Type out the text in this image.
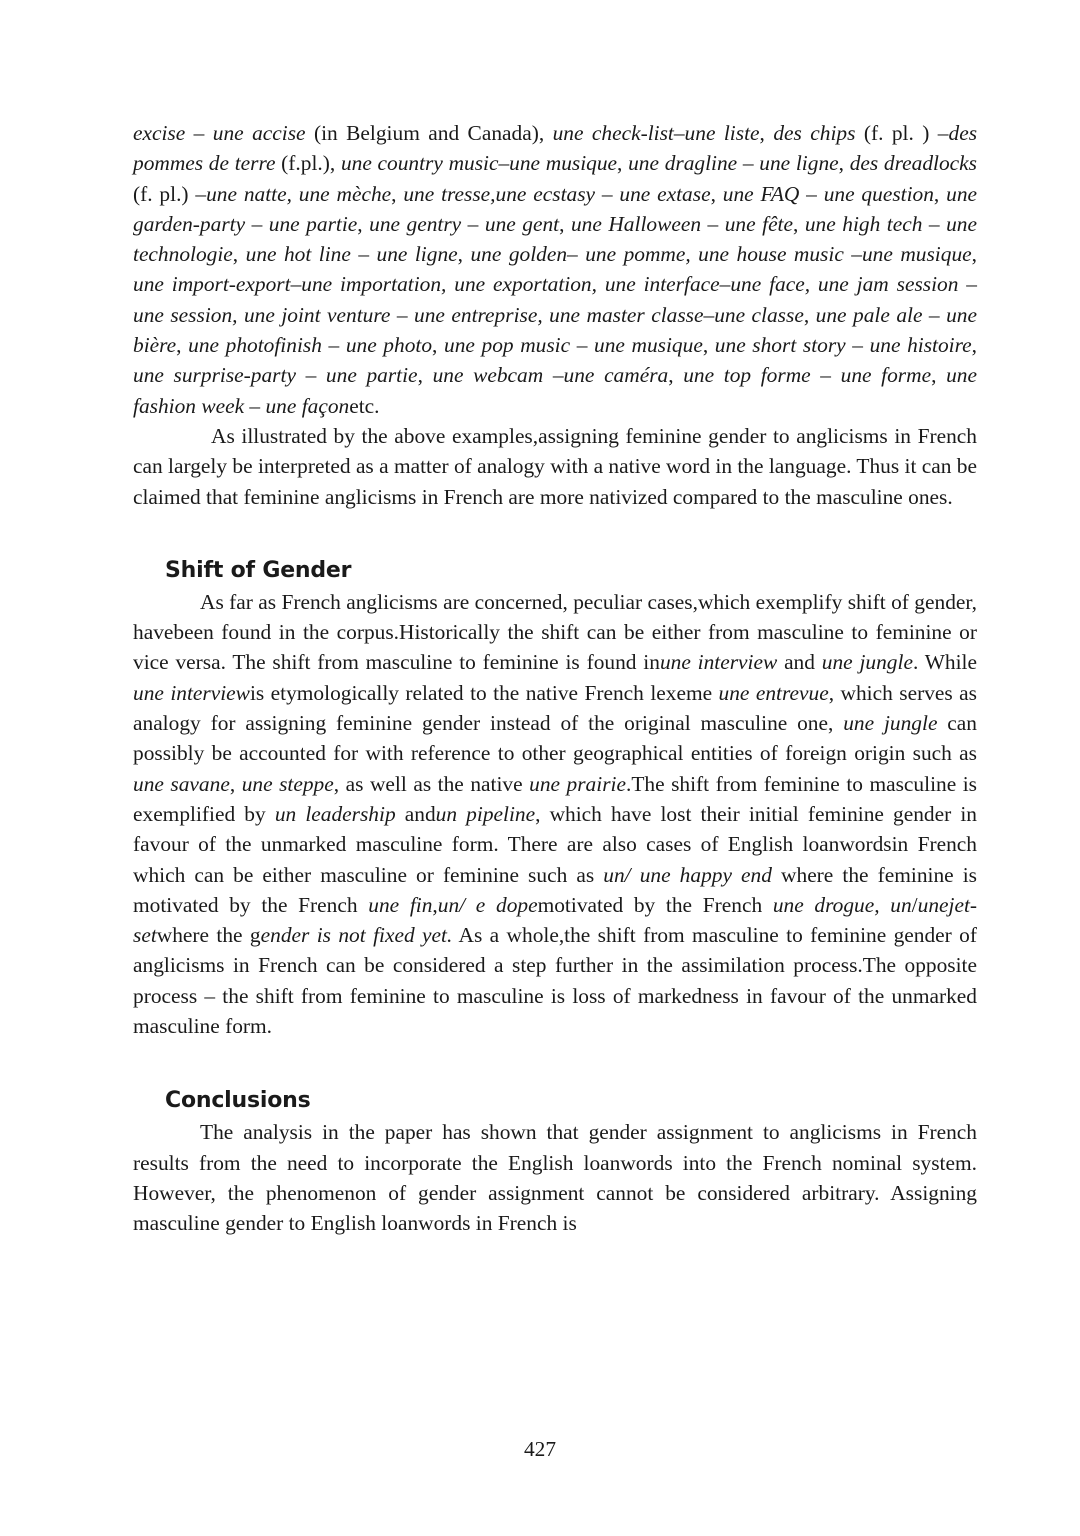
excise – une accise (in Belgium and Canada), une check-list–une liste, des chips (f. pl. ) –des pommes de terre (f.pl.), une country music–une musique, une dragline – une ligne, des dreadlocks (f. pl.) –une natte, une mèche, une tresse,une ecstasy – une extase, une FAQ – une question, une garden-party – une partie, une gentry – une gent, une Halloween – une fête, une high tech – une technologie, une hot line – une ligne, une golden– une pomme, une house music –une musique, une import-export–une importation, une exportation, une interface–une face, une jam session – une session, une joint venture – une entreprise, une master classe–une classe, une pale ale – une bière, une photofinish – une photo, une pop music – une musique, une short story – une histoire, une surprise-party – une partie, une webcam –une caméra, une top forme – une forme, une fashion week – une façonetc.

As illustrated by the above examples,assigning feminine gender to anglicisms in French can largely be interpreted as a matter of analogy with a native word in the language. Thus it can be claimed that feminine anglicisms in French are more nativized compared to the masculine ones.

Shift of Gender

As far as French anglicisms are concerned, peculiar cases,which exemplify shift of gender, havebeen found in the corpus.Historically the shift can be either from masculine to feminine or vice versa. The shift from masculine to feminine is found inune interview and une jungle. While une interviewis etymologically related to the native French lexeme une entrevue, which serves as analogy for assigning feminine gender instead of the original masculine one, une jungle can possibly be accounted for with reference to other geographical entities of foreign origin such as une savane, une steppe, as well as the native une prairie.The shift from feminine to masculine is exemplified by un leadership andun pipeline, which have lost their initial feminine gender in favour of the unmarked masculine form. There are also cases of English loanwordsin French which can be either masculine or feminine such as un/ une happy end where the feminine is motivated by the French une fin,un/ e dopemotivated by the French une drogue, un/unejet-setwhere the gender is not fixed yet. As a whole,the shift from masculine to feminine gender of anglicisms in French can be considered a step further in the assimilation process.The opposite process – the shift from feminine to masculine is loss of markedness in favour of the unmarked masculine form.

Conclusions

The analysis in the paper has shown that gender assignment to anglicisms in French results from the need to incorporate the English loanwords into the French nominal system. However, the phenomenon of gender assignment cannot be considered arbitrary. Assigning masculine gender to English loanwords in French is

427
